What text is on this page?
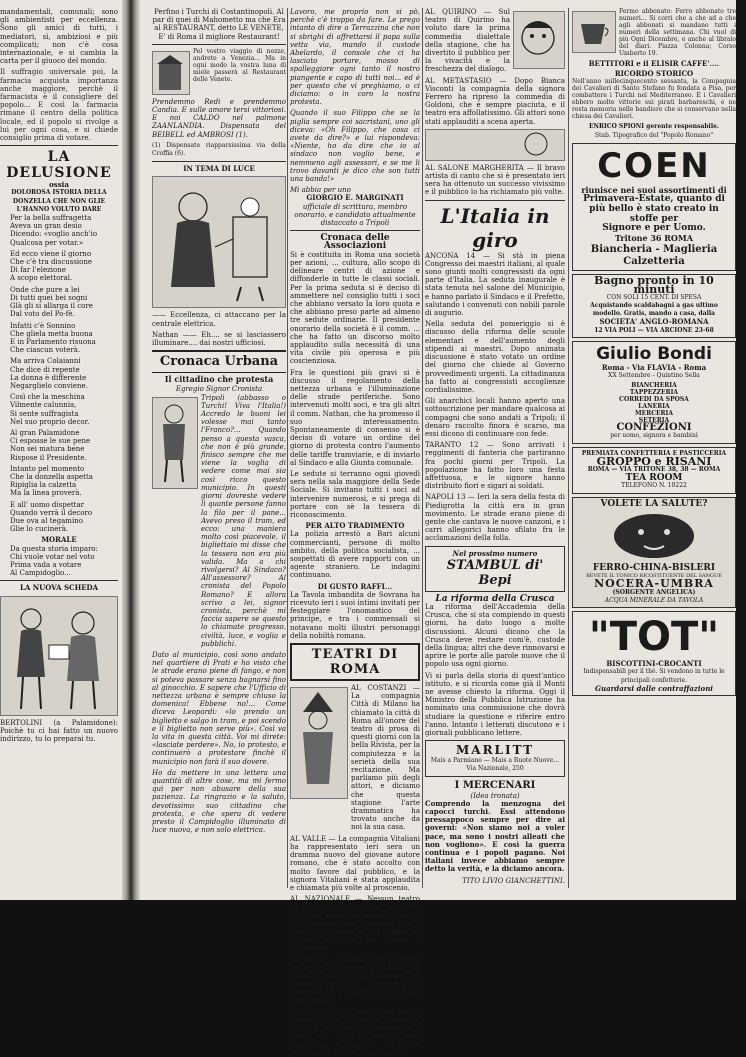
mandamentali, comunali; sono gli ambientisti per eccellenza. Sono gli amici di tutti, i mediatori, sì, ambiziosi e più complicati; non c'è cosa internazionale, e si cambia la carta per il giuoco del mondo.

Il suffragio universale poi, la farmacia acquista importanza anche maggiore, perchè il farmacista è il consigliere del popolo... E così la farmacia rimane il centro della politica locale, ed il popolo si rivolge a lui per ogni cosa, e si chiede consiglio prima di votare.

LA DELUSIONE
ossia
DOLOROSA ISTORIA DELLA DONZELLA CHE NON GLIE L'HANNO VOLUTO DARE
Per la bella suffragetta
Aveva un gran desio
Dicendo: «voglio anch'io
Qualcosa per votar.»
Ed ecco viene il giorno
Che c'è tra discussione
Di far l'elezione
A scopo elettoral.
Onde che pure a lei
Di tutti quei bei sogni
Glà gli si allarga il core
Dal voto del Po-fè.
Infatti c'è Sonnino
Che gliela metta buona
E in Parlamento risuona
Che ciascun voterà.
Ma arriva Colaianni
Che dice di repente
La donna è differente
Negarglielo conviene.
Così che la meschina
Vilmente calunnia,
Si sente suffragista
Nel suo proprio decor.
Al gran Palamidone
Ci esposse le sue pene
Non sei matura bene
Rispose il Presidente.
Intanto pel momento
Che la donzella aspetta
Ripiglia la calzetta
Ma la linea proverà.
E all' uomo dispettar
Quando verrà il decoro
Due ova al tegamino
Glie lo cucinerà.
MORALE
Da questa storia imparo:
Chi vuole votar nel voto
Prima vada a votare
Al Campidoglio...
LA NUOVA SCHEDA

BERTOLINI (a Palamidone): Poichè tu ci hai fatto un nuovo indirizzo, tu lo preparai tu.

Perfino i Turchi di Costantinopoli. Al par di quei di Mahometto ma che Era al RESTAURANT, detto LE VENETE, E' di Roma il migliore Restaurant!

Pel vostro viaggio di nozze, andrete a Venezia... Ma in ogni modo la vostra luna di miele passerà al Restaurant delle Venete.

Prendemmo Redi e prendemmo Candia. E sulle amore tersi vittoriosi. E noi CALDO nel palmone ZAANLANDIA. Dispensata del BEIBELL ed AMBROSI (1).

(1) Dispensate riapparsissima via della Croffia (6).

IN TEMA DI LUCE

—— Eccellenza, ci attaccano per la centrale elettrica.

Nathan —— Eh.... se si lasciassero illuminare.... dai nostri ufficiosi.

Cronaca Urbana
Il cittadino che protesta
Egregio Signor Cronista

Tripoli (abbasso o Turchi! Viva l'Italia!) Accredo le buoni lei volesse mai tanto l'Franco?... Quando penso a questa vasca, che non è più grande, finisco sempre che me viene la voglia di vedere come mai sia così ricco questo municipio. In questi giorni dovreste vedere lì quante persone fanno la fila per il pane... Avevo preso il tram, ed ecco: una maniera molto così piacevole, il bigliettaio mi disse che la tessera non era più valida. Ma a chi rivolgersi? Al Sindaco? All'assessore? Al cronista del Popolo Romano? E allora scrivo a lei, signor cronista, perchè mi faccia sapere se questo lo chiamate progresso, civiltà, luce, e voglia e pubblichi.

Dato al municipio, così sono andato nel quartiere di Prati e ho visto che le strade erano piene di fango, e non si poteva passare senza bagnarsi fino al ginocchio. E sapere che l'Ufficio di nettezza urbana è sempre chiuso la domenica! Ebbene no!... Come diceva Leopardi: «lo prendo un biglietto e salgo in tram, e poi scendo e il biglietto non serve più». Così va la vita in questa città. Voi mi direte: «lasciate perdere». No, io protesto, e continuerò a protestare finchè il municipio non farà il suo dovere.

Ho da mettere in una lettera una quantità di altre cose, ma mi fermo qui per non abusare della sua pazienza. La ringrazio e la saluto, devotissimo suo cittadino che protesta, e che spera di vedere presto il Campidoglio illuminato di luce nuova, e non solo elettrica.

Lavoro, me proprio non si pò, perchè c'è troppo da fare. Le prego intanto di dire a Terrazzina che non si sbrighi di affrettarsi il papa sulla vetta via, mando il custode Abelardo, il console che ci ha lasciato portare, mosso di spalleggiare ogni tanto il nostro piangente e capo di tutti noi... ed è per questo che vi preghiamo, o ci diciamo: o in coro la nostra protesta.

Quando il suo Filippo che se la piglia sempre coi sacristani, uno gli diceva: «Oh Filippo, che cosa ci avete da dire?» e lui rispondeva: «Niente, ho da dire che io al sindaco non voglio bene, e nemmeno agli assessori, e se me li trovo davanti je dico che son tutti una banda!»

Mi abbia per uno
GIORGIO E. MARGINATI
ufficiale di scrittura, membro onorario, e candidato attualmente distaccato a Tripoli
Cronaca delle Associazioni

Si è costituita in Roma una società per azioni, ... cultura, allo scopo di delineare centri di azione e diffonderle in tutte le classi sociali. Per la prima seduta si è deciso di ammettere nel consiglio tutti i soci che abbiano versato la loro quota e che abbiano preso parte ad almeno tre sedute ordinarie. Il presidente onorario della società è il comm. ... che ha fatto un discorso molto applaudito sulla necessità di una vita civile più operosa e più coscienziosa.

Fra le questioni più gravi si è discusso il regolamento della nettezza urbana e l'illuminazione delle strade periferiche. Sono intervenuti molti soci, e tra gli altri il comm. Nathan, che ha promesso il suo interessamento. Spontaneamente di consenso si è deciso di votare un ordine del giorno di protesta contro l'aumento delle tariffe tramviarie, e di inviarlo al Sindaco e alla Giunta comunale.

Le sedute si terranno ogni giovedì sera nella sala maggiore della Sede Sociale. Si invitano tutti i soci ad intervenire numerosi, e si prega di portare con sè la tessera di riconoscimento.

PER ALTO TRADIMENTO

La polizia arrestò a Bari alcuni commercianti, persone di molto ambito, della politica socialista, ... sospettati di avere rapporti con un agente straniero. Le indagini continuano.

DI GUSTO RAFFI...

La Tavola imbandita de Sovrana ha ricevuto ieri i suoi intimi invitati per festeggiare l'onomastico del principe, e tra i commensali si notavano molti illustri personaggi della nobiltà romana.

TEATRI DI ROMA

AL COSTANZI — La compagnia Città di Milano ha chiamato la città di Roma all'onore del teatro di prosa di questi giorni con la bella Rivista, per la compiutezza e la serietà della sua recitazione. Ma parliamo più degli attori, e diciamo che questa stagione l'arte drammatica ha trovato anche da noi la sua casa.

AL VALLE — La compagnia Vitaliani ha rappresentato ieri sera un dramma nuovo del giovane autore romano, che è stato accolto con molto favore dal pubblico, e la signora Vitaliani è stata applaudita e chiamata più volte al proscenio.

AL NAZIONALE — Nessun teatro c'è trovato nella metà del Nazionale che sono ancora fortemente esaltati dal comandatore Tarabusi nella parte del pazzo; e il pubblico vi accorre in folla per ridere e applaudire.

AL VALLE — Questa sera la prima volta della commedia Amleto di Viviani, ridotta dal dramma di Shakespeare. Si prevede un successo, e i biglietti sono quasi tutti venduti.

ALL'APOLLO — Questa sera serata d'onore della signorina Gonzaga, che si è fatta tanto applaudire nella parte di Liù. Il teatro sarà addobbato a festa e la serata promette di essere brillantissima.

AL QUIRINO — Sul teatro di Quirino ha voluto dare la prima commedia dialettale della stagione, che ha divertito il pubblico per la vivacità e la freschezza del dialogo.

AL METASTASIO — Dopo Bianca Visconti la compagnia della signora Ferrero ha ripreso la commedia di Goldoni, che è sempre piaciuta, e il teatro era affollatissimo. Gli attori sono stati applauditi a scena aperta.

AL SALONE MARGHERITA — Il bravo artista di canto che si è presentato ieri sera ha ottenuto un successo vivissimo e il pubblico lo ha richiamato più volte.

L'Italia in giro

ANCONA 14 — Si stà in piena Congresso dei maestri italiani, al quale sono giunti molti congressisti da ogni parte d'Italia. La seduta inaugurale è stata tenuta nel salone del Municipio, e hanno parlato il Sindaco e il Prefetto, salutando i convenuti con nobili parole di augurio.

Nella seduta del pomeriggio si è discusso della riforma delle scuole elementari e dell'aumento degli stipendi ai maestri. Dopo animata discussione è stato votato un ordine del giorno che chiede al Governo provvedimenti urgenti. La cittadinanza ha fatto ai congressisti accoglienze cordialissime.

Gli anarchici locali hanno aperto una sottoscrizione per mandare qualcosa ai compagni che sono andati a Tripoli; il denaro raccolto finora è scarso, ma essi dicono di continuare con fede.

TARANTO 12 — Sono arrivati i reggimenti di fanteria che partiranno fra pochi giorni per Tripoli. La popolazione ha fatto loro una festa affettuosa, e le signore hanno distribuito fiori e sigari ai soldati.

NAPOLI 13 — Ieri la sera della festa di Piedigrotta la città era in gran movimento. Le strade erano piene di gente che cantava le nuove canzoni, e i carri allegorici hanno sfilato fra le acclamazioni della folla.

Nel prossimo numero
STAMBUL di' Bepi
La riforma della Crusca

La riforma dell'Accademia della Crusca, che si sta compiendo in questi giorni, ha dato luogo a molte discussioni. Alcuni dicono che la Crusca deve restare com'è, custode della lingua; altri che deve rinnovarsi e aprire le porte alle parole nuove che il popolo usa ogni giorno.

Vi si parla della storia di quest'antico istituto, e si ricorda come già il Monti ne avesse chiesto la riforma. Oggi il Ministro della Pubblica Istruzione ha nominato una commissione che dovrà studiare la questione e riferire entro l'anno. Intanto i letterati discutono e i giornali pubblicano lettere.

MARLITT
Mais a Parmiano — Mais a Ruote Nuove... Via Nazionale, 250
I MERCENARI
(Idea tronata)

Comprendo la menzogna dei capocci turchi. Essi attendono pressappoco sempre per dire ai governi: «Non siamo noi a voler pace, ma sono i nostri alleati che non vogliono». E così la guerra continua e i popoli pagano. Noi italiani invece abbiamo sempre detto la verità, e la diciamo ancora.

TITO LIVIO GIANCHETTINI.

Fermo abbonato: Ferro abbonato tre numeri... Si corri che a che ad a che agli abbonati si mandano tutti i numeri della settimana. Chi vuol di più Ogni Dicembre, e anche al libraio del diari. Piazza Colonna; Corso Umberto 19.

BETTITORI e il ELISIR CAFFE'....
RICORDO STORICO

Nell'anno millecinquecento sessanta, la Compagnia dei Cavalieri di Santo Stefano fu fondata a Pisa, per combattere i Turchi nel Mediterraneo. E i Cavalieri ebbero molte vittorie sui pirati barbareschi, e ne resta memoria nelle bandiere che si conservano nella chiesa dei Cavalieri.

ENRICO SPIONI gerente responsabile.
Stab. Tipografico del "Popolo Romano"
COEN
riunisce nei suoi assortimenti di
Primavera-Estate, quanto di più bello è stato creato in stoffe per
Signore e per Uomo.
Tritone 36 ROMA
Biancheria - Maglieria Calzetteria
Bagno pronto in 10 minuti
CON SOLI 15 CENT. DI SPESA
Acquistando scaldabagni a gas ultimo modello. Gratis, mando a casa, dalla
SOCIETA' ANGLO-ROMANA
12 VIA POLI — VIA ARCIONE 23-68
Giulio Bondi
Roma - Via FLAVIA - Roma
XX Settembre - Quintino Sella
BIANCHERIA
TAPPEZZERIA
CORREDI DA SPOSA
LANERIA
MERCERIA
SETERIA
CONFEZIONI
per uomo, signora e bambini
PREMIATA CONFETTERIA E PASTICCERIA
GROPPO e RISANI
ROMA — VIA TRITONE 38, 38 — ROMA
TEA ROOM
TELEFONO N. 10222
VOLETE LA SALUTE?
FERRO-CHINA-BISLERI
BEVETE IL TONICO RICOSTITUENTE DEL SANGUE
NOCERA-UMBRA
(SORGENTE ANGELICA)
ACQUA MINERALE DA TAVOLA
"TOT"
BISCOTTINI-CROCANTI
Indispensabili per il thè. Si vendono in tutte le principali confetterie.
Guardarsi dalle contraffazioni
